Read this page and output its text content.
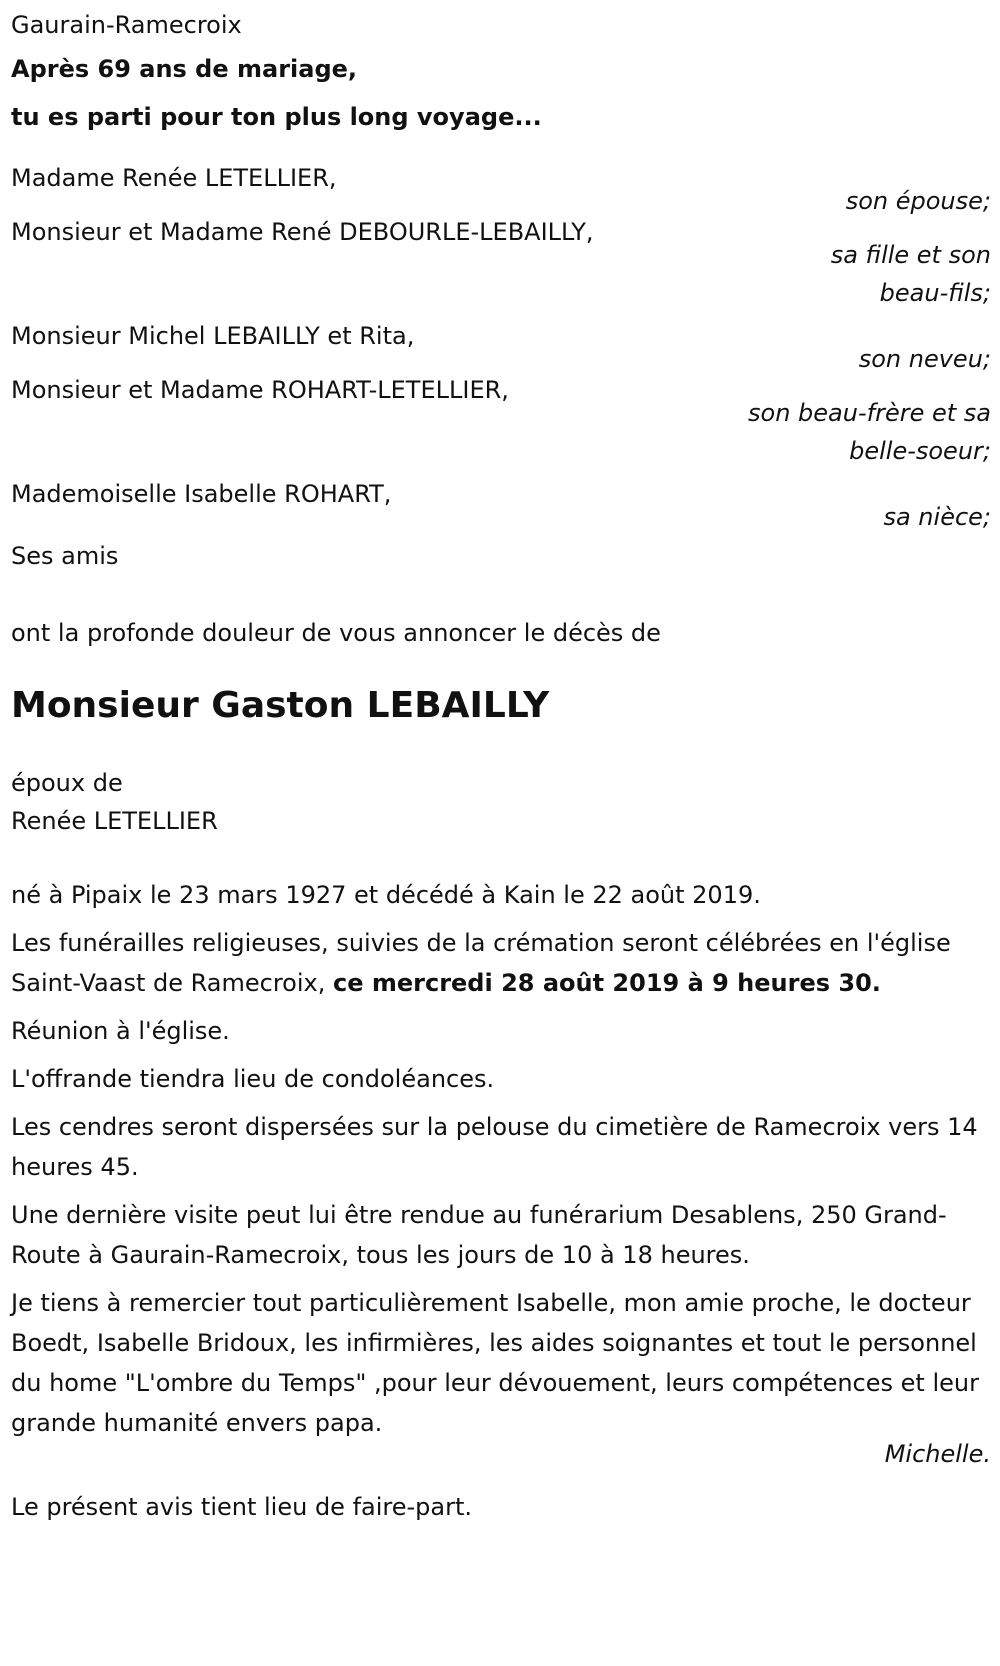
Gaurain-Ramecroix
Après 69 ans de mariage,
tu es parti pour ton plus long voyage...
Madame Renée LETELLIER,
son épouse;
Monsieur et Madame René DEBOURLE-LEBAILLY,
sa fille et son
beau-fils;
Monsieur Michel LEBAILLY et Rita,
son neveu;
Monsieur et Madame ROHART-LETELLIER,
son beau-frère et sa
belle-soeur;
Mademoiselle Isabelle ROHART,
sa nièce;
Ses amis
ont la profonde douleur de vous annoncer le décès de
Monsieur Gaston LEBAILLY
époux de
Renée LETELLIER

né à Pipaix le 23 mars 1927 et décédé à Kain le 22 août 2019.

Les funérailles religieuses, suivies de la crémation seront célébrées en l'église Saint-Vaast de Ramecroix, ce mercredi 28 août 2019 à 9 heures 30.

Réunion à l'église.

L'offrande tiendra lieu de condoléances.

Les cendres seront dispersées sur la pelouse du cimetière de Ramecroix vers 14 heures 45.

Une dernière visite peut lui être rendue au funérarium Desablens, 250 Grand-Route à Gaurain-Ramecroix, tous les jours de 10 à 18 heures.

Je tiens à remercier tout particulièrement Isabelle, mon amie proche, le docteur Boedt, Isabelle Bridoux, les infirmières, les aides soignantes et tout le personnel du home "L'ombre du Temps" ,pour leur dévouement, leurs compétences et leur grande humanité envers papa.

Michelle.
Le présent avis tient lieu de faire-part.
